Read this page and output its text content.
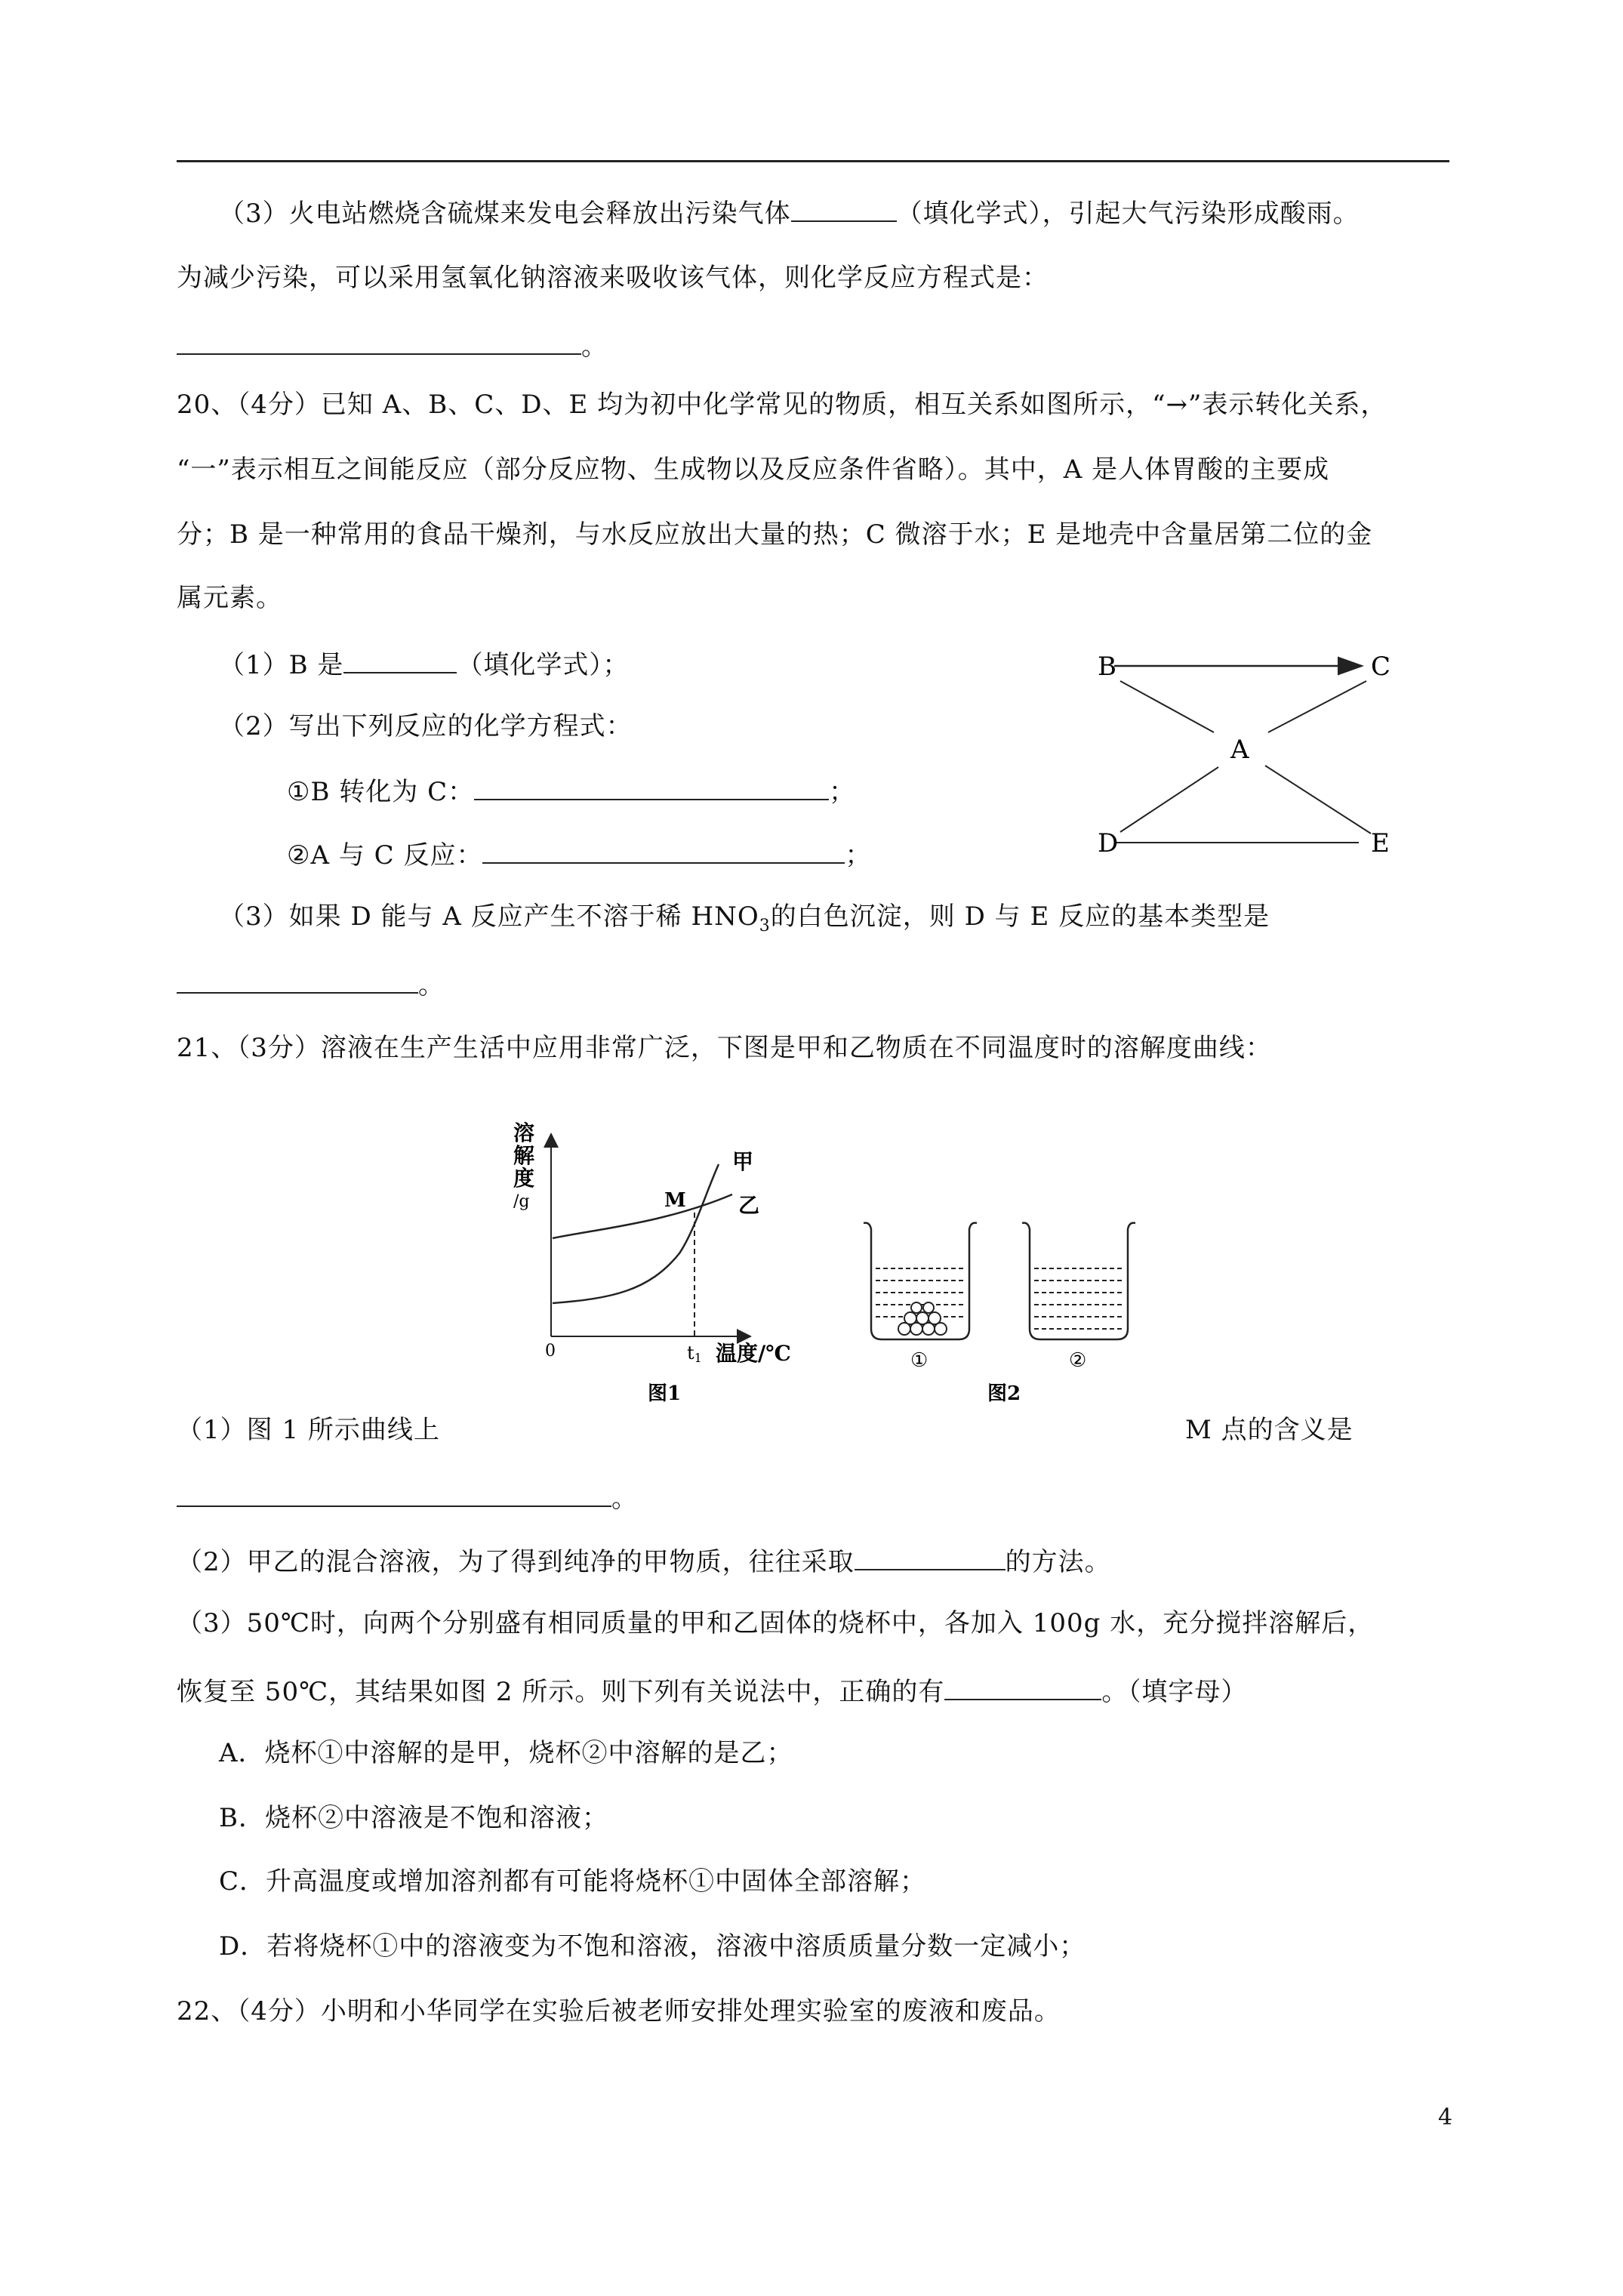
（3）火电站燃烧含硫煤来发电会释放出污染气体	（填化学式），引起大气污染形成酸雨。
为减少污染，可以采用氢氧化钠溶液来吸收该气体，则化学反应方程式是：
。
20、（4分）已知 A、B、C、D、E 均为初中化学常见的物质，相互关系如图所示，“→”表示转化关系，
“一”表示相互之间能反应（部分反应物、生成物以及反应条件省略）。其中，A 是人体胃酸的主要成
分；B 是一种常用的食品干燥剂，与水反应放出大量的热；C 微溶于水；E 是地壳中含量居第二位的金
属元素。
（1）B 是	（填化学式）；
（2）写出下列反应的化学方程式：
①B 转化为 C：	；
②A 与 C 反应：	；
（3）如果 D 能与 A 反应产生不溶于稀 $HNO_3$的白色沉淀，则 D 与 E 反应的基本类型是
。
B	C
A
D	E
21、（3分）溶液在生产生活中应用非常广泛，下图是甲和乙物质在不同温度时的溶解度曲线：
溶
解
度
/g
0	t1 温度/℃
M
甲
乙
图1
①	②
图2
（1）图 1 所示曲线上	M 点的含义是
。
（2）甲乙的混合溶液，为了得到纯净的甲物质，往往采取	的方法。
（3）50℃时，向两个分别盛有相同质量的甲和乙固体的烧杯中，各加入 100g 水，充分搅拌溶解后，
恢复至 50℃，其结果如图 2 所示。则下列有关说法中，正确的有	。（填字母）
A．烧杯①中溶解的是甲，烧杯②中溶解的是乙；
B．烧杯②中溶液是不饱和溶液；
C．升高温度或增加溶剂都有可能将烧杯①中固体全部溶解；
D．若将烧杯①中的溶液变为不饱和溶液，溶液中溶质质量分数一定减小；
22、（4分）小明和小华同学在实验后被老师安排处理实验室的废液和废品。
4
